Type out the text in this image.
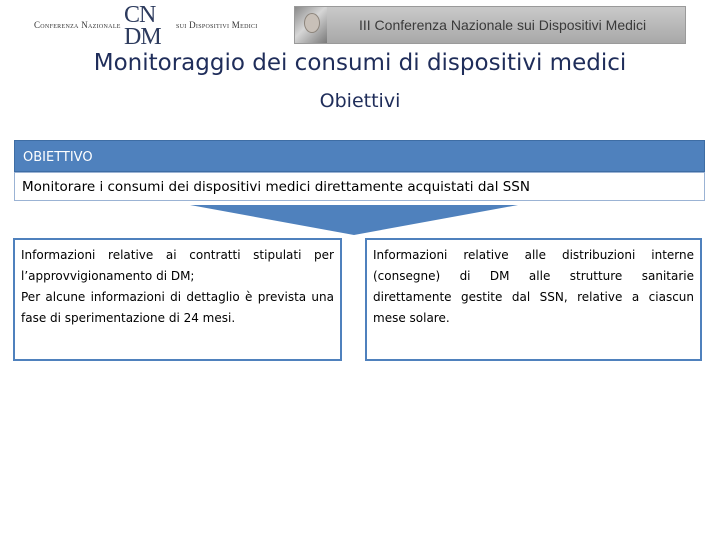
Conferenza Nazionale CN
DM sui Dispositivi Medici	III Conferenza Nazionale sui Dispositivi Medici
Monitoraggio dei consumi di dispositivi medici
Obiettivi
OBIETTIVO
Monitorare i consumi dei dispositivi medici direttamente acquistati dal SSN

Informazioni relative ai contratti stipulati per l’approvvigionamento di DM;

Per alcune informazioni di dettaglio è prevista una fase di sperimentazione di 24 mesi.

Informazioni relative alle distribuzioni interne (consegne) di DM alle strutture sanitarie direttamente gestite dal SSN, relative a ciascun mese solare.
